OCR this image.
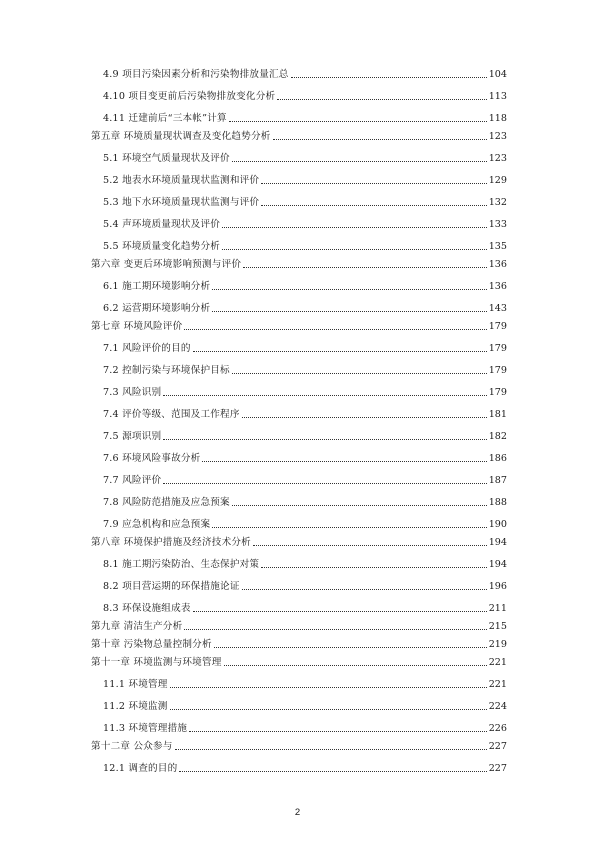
4.9 项目污染因素分析和污染物排放量汇总	104
4.10 项目变更前后污染物排放变化分析	113
4.11 迁建前后“三本帐”计算	118
第五章 环境质量现状调查及变化趋势分析	123
5.1 环境空气质量现状及评价	123
5.2 地表水环境质量现状监测和评价	129
5.3 地下水环境质量现状监测与评价	132
5.4 声环境质量现状及评价	133
5.5 环境质量变化趋势分析	135
第六章 变更后环境影响预测与评价	136
6.1 施工期环境影响分析	136
6.2 运营期环境影响分析	143
第七章 环境风险评价	179
7.1 风险评价的目的	179
7.2 控制污染与环境保护目标	179
7.3 风险识别	179
7.4 评价等级、范围及工作程序	181
7.5 源项识别	182
7.6 环境风险事故分析	186
7.7 风险评价	187
7.8 风险防范措施及应急预案	188
7.9 应急机构和应急预案	190
第八章 环境保护措施及经济技术分析	194
8.1 施工期污染防治、生态保护对策	194
8.2 项目营运期的环保措施论证	196
8.3 环保设施组成表	211
第九章 清洁生产分析	215
第十章 污染物总量控制分析	219
第十一章 环境监测与环境管理	221
11.1 环境管理	221
11.2 环境监测	224
11.3 环境管理措施	226
第十二章 公众参与	227
12.1 调查的目的	227
2
